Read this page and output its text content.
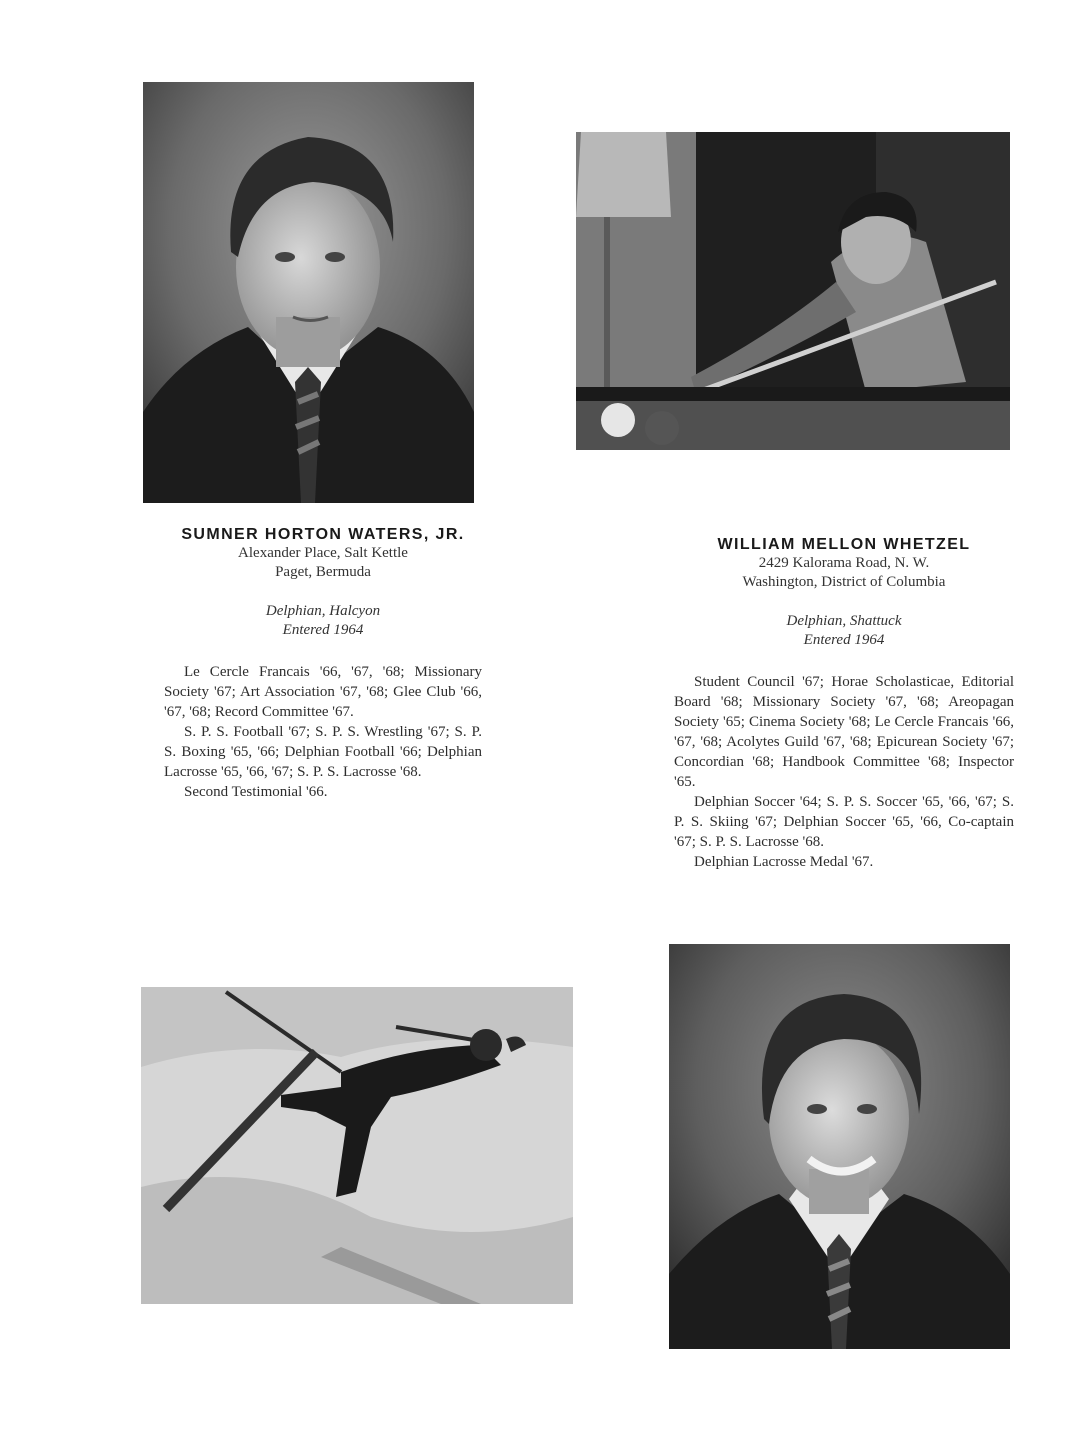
SUMNER HORTON WATERS, JR.

Alexander Place, Salt Kettle

Paget, Bermuda

Delphian, Halcyon

Entered 1964

Le Cercle Francais '66, '67, '68; Missionary Society '67; Art Association '67, '68; Glee Club '66, '67, '68; Record Committee '67.

S. P. S. Football '67; S. P. S. Wrestling '67; S. P. S. Boxing '65, '66; Delphian Football '66; Delphian Lacrosse '65, '66, '67; S. P. S. Lacrosse '68.

Second Testimonial '66.

WILLIAM MELLON WHETZEL

2429 Kalorama Road, N. W.

Washington, District of Columbia

Delphian, Shattuck

Entered 1964

Student Council '67; Horae Scholasticae, Editorial Board '68; Missionary Society '67, '68; Areopagan Society '65; Cinema Society '68; Le Cercle Francais '66, '67, '68; Acolytes Guild '67, '68; Epicurean Society '67; Concordian '68; Handbook Committee '68; Inspector '65.

Delphian Soccer '64; S. P. S. Soccer '65, '66, '67; S. P. S. Skiing '67; Delphian Soccer '65, '66, Co-captain '67; S. P. S. Lacrosse '68.

Delphian Lacrosse Medal '67.
